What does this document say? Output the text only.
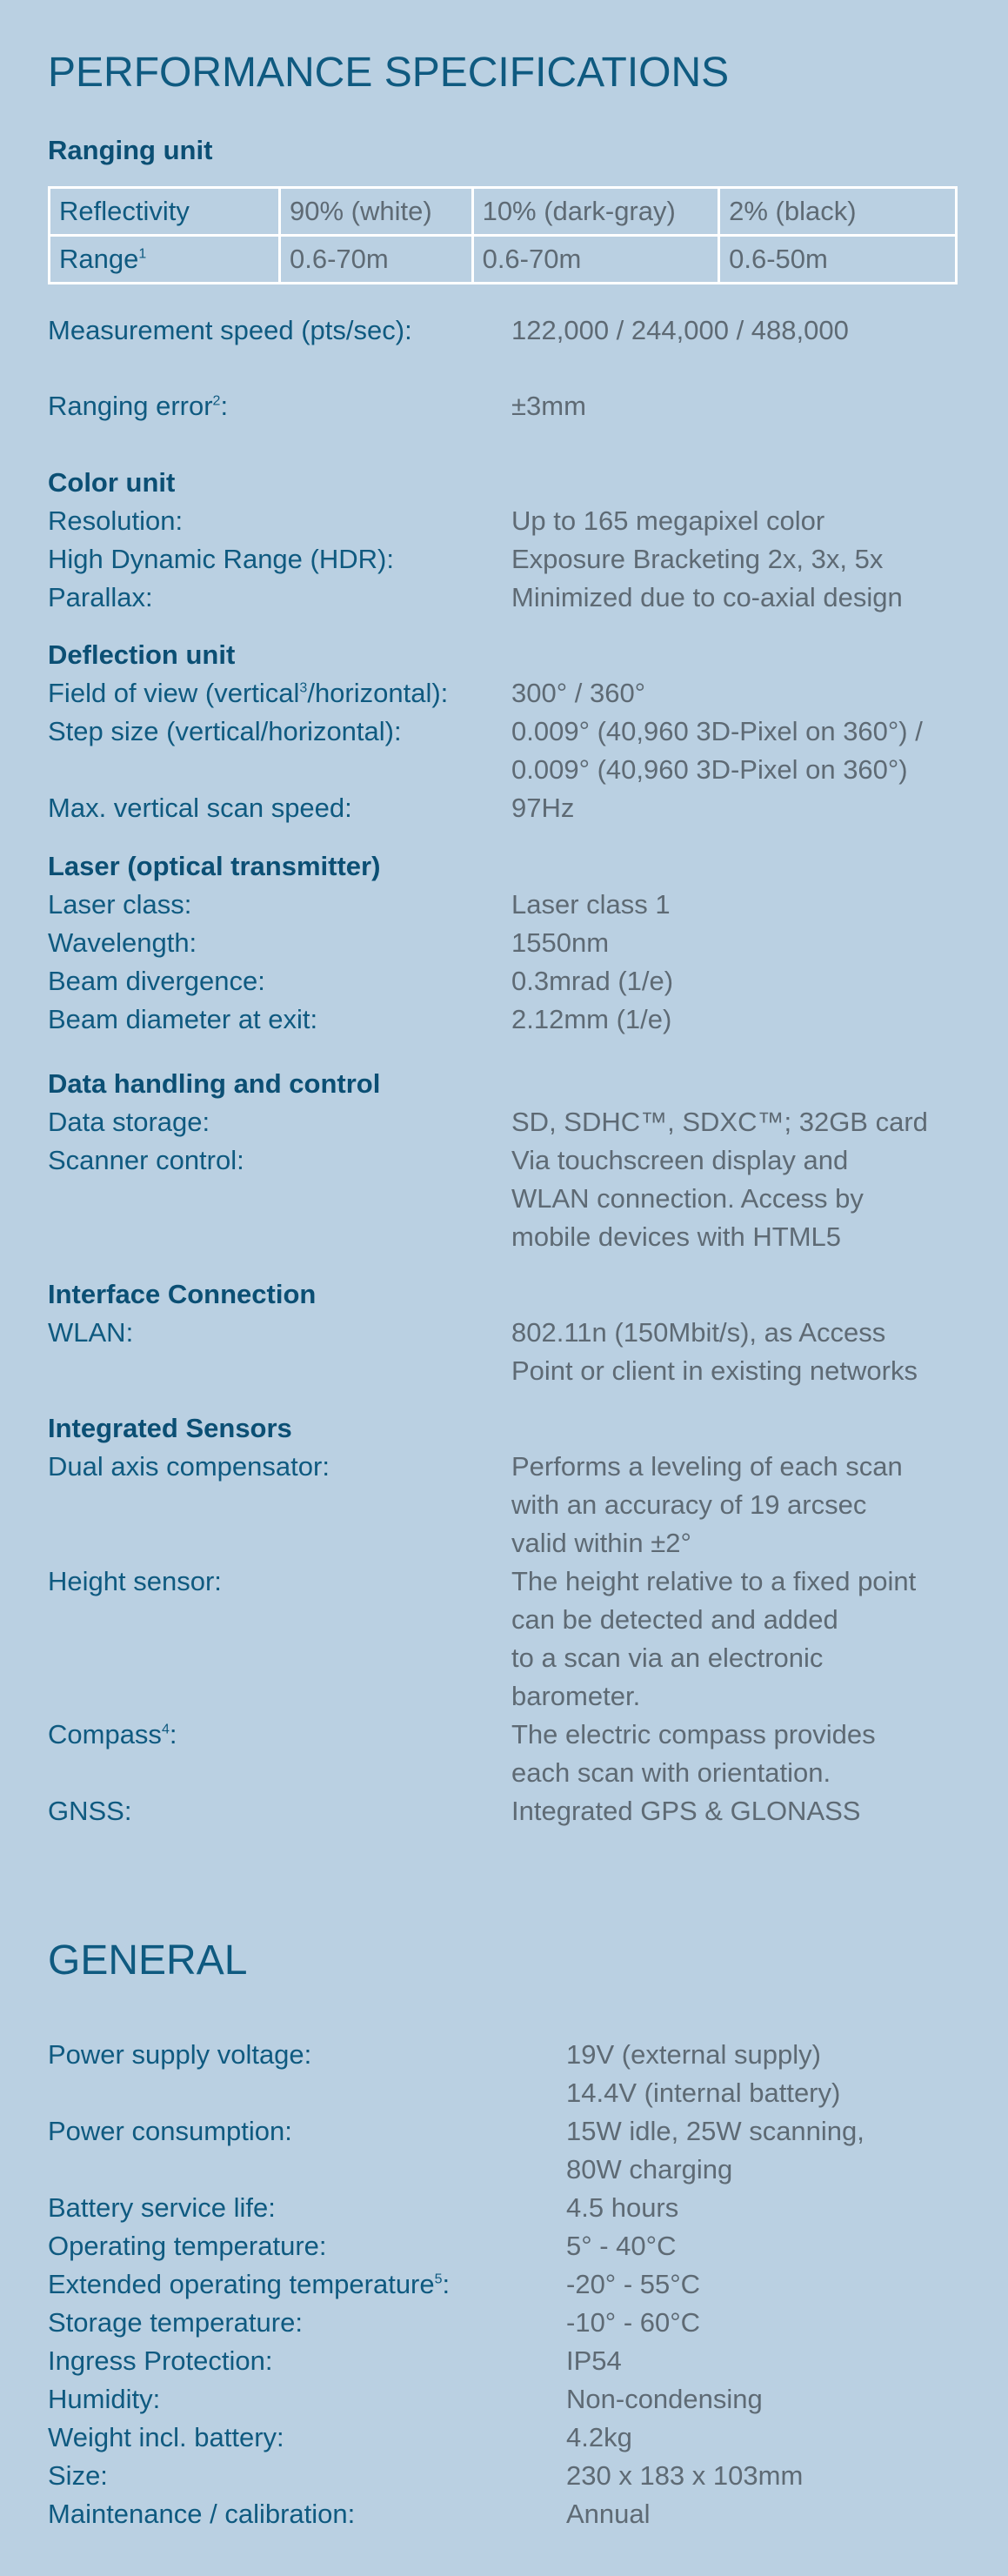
PERFORMANCE SPECIFICATIONS
Ranging unit
Reflectivity	90% (white)	10% (dark-gray)	2% (black)
Range$^1$	0.6-70m	0.6-70m	0.6-50m
Measurement speed (pts/sec):	122,000 / 244,000 / 488,000
Ranging error$^2$:	±3mm
Color unit
Resolution:	Up to 165 megapixel color
High Dynamic Range (HDR):	Exposure Bracketing 2x, 3x, 5x
Parallax:	Minimized due to co-axial design
Deflection unit
Field of view (vertical$^3$/horizontal): 300° / 360°
Step size (vertical/horizontal):	0.009° (40,960 3D-Pixel on 360°) /
0.009° (40,960 3D-Pixel on 360°)
Max. vertical scan speed:	97Hz
Laser (optical transmitter)
Laser class:	Laser class 1
Wavelength:	1550nm
Beam divergence:	0.3mrad (1/e)
Beam diameter at exit:	2.12mm (1/e)
Data handling and control
Data storage:	SD, SDHC™, SDXC™; 32GB card
Scanner control:	Via touchscreen display and
WLAN connection. Access by
mobile devices with HTML5
Interface Connection
WLAN:	802.11n (150Mbit/s), as Access
Point or client in existing networks
Integrated Sensors
Dual axis compensator:	Performs a leveling of each scan
with an accuracy of 19 arcsec
valid within ±2°
Height sensor:	The height relative to a fixed point
can be detected and added
to a scan via an electronic
barometer.
Compass$^4$:	The electric compass provides
each scan with orientation.
GNSS:	Integrated GPS & GLONASS
GENERAL
Power supply voltage:	19V (external supply)
14.4V (internal battery)
Power consumption:	15W idle, 25W scanning,
80W charging
Battery service life:	4.5 hours
Operating temperature:	5° - 40°C
Extended operating temperature$^5$:	-20° - 55°C
Storage temperature:	-10° - 60°C
Ingress Protection:	IP54
Humidity:	Non-condensing
Weight incl. battery:	4.2kg
Size:	230 x 183 x 103mm
Maintenance / calibration:	Annual
